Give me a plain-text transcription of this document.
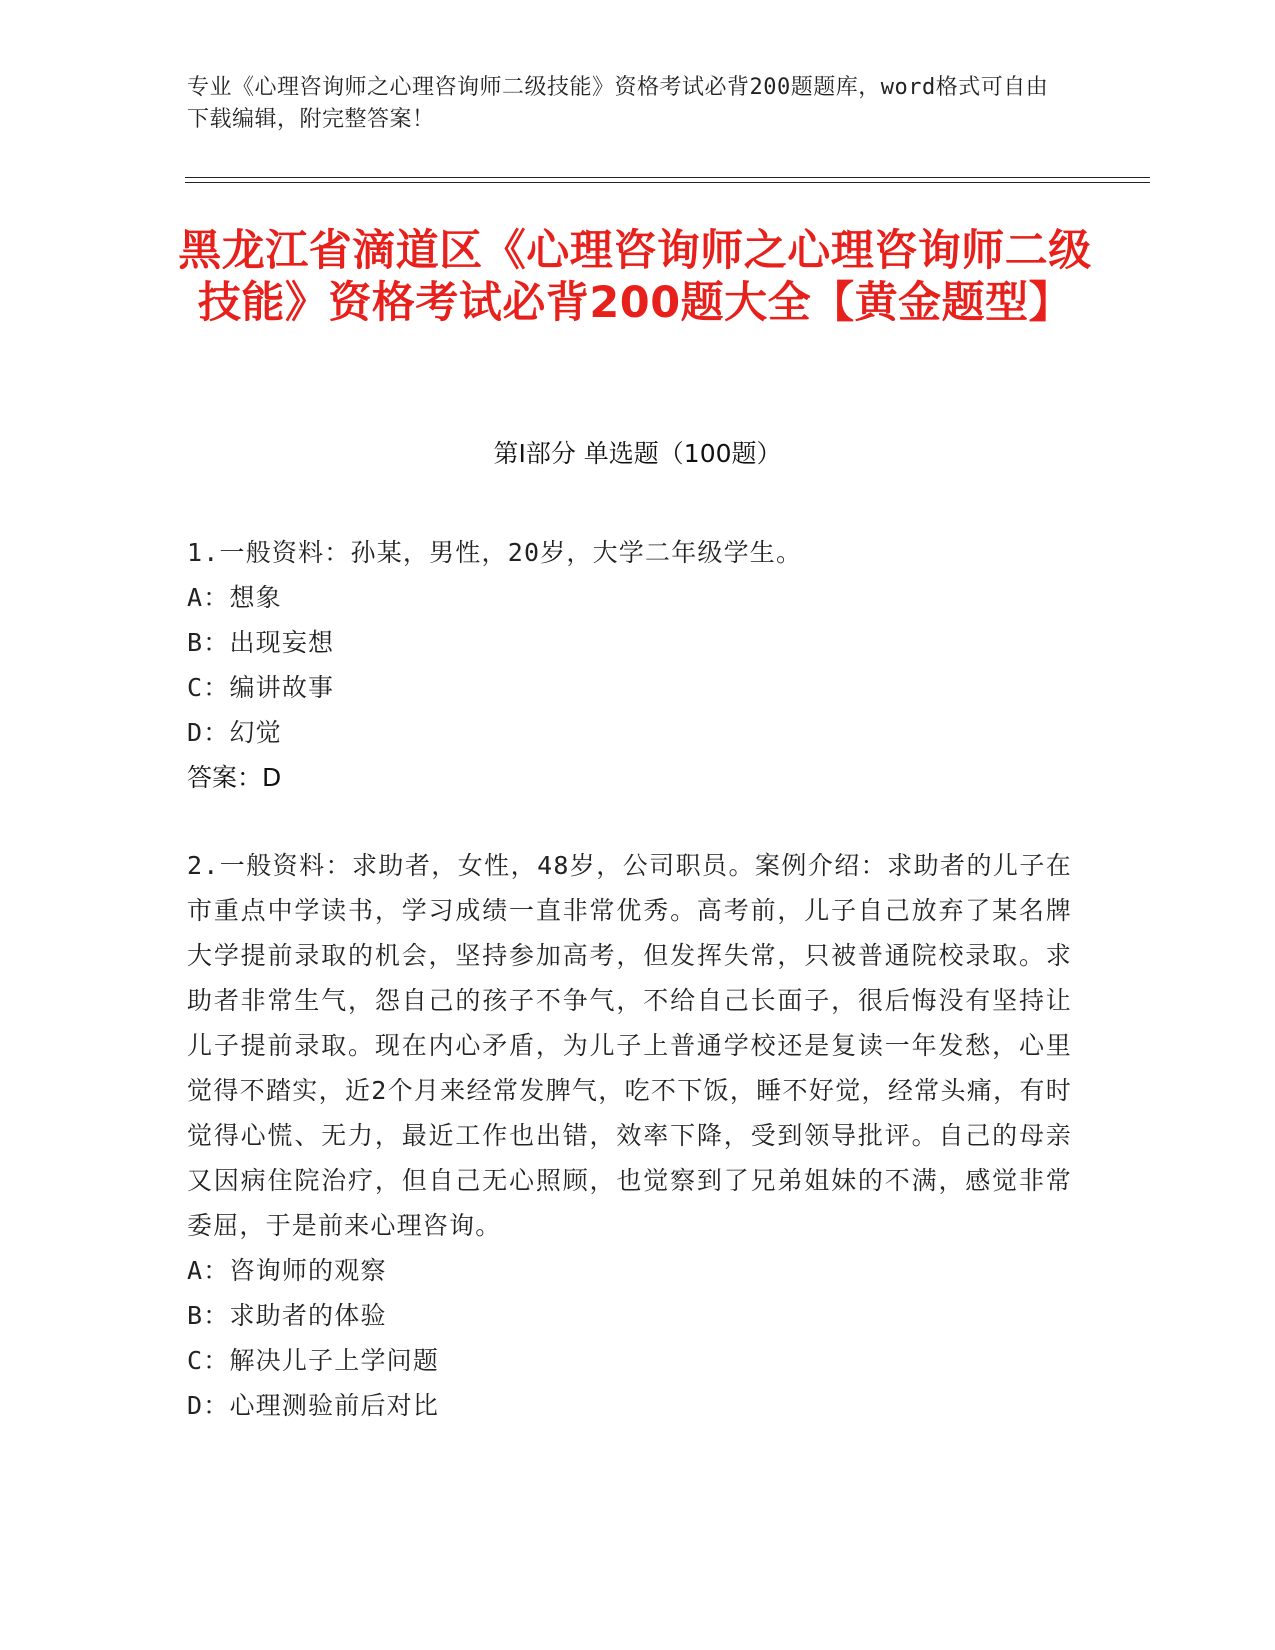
专业《心理咨询师之心理咨询师二级技能》资格考试必背200题题库，word格式可自由下载编辑，附完整答案！
黑龙江省滴道区《心理咨询师之心理咨询师二级技能》资格考试必背200题大全【黄金题型】
第I部分 单选题（100题）
1.一般资料：孙某，男性，20岁，大学二年级学生。
A：想象
B：出现妄想
C：编讲故事
D：幻觉
答案：D
2.一般资料：求助者，女性，48岁，公司职员。案例介绍：求助者的儿子在市重点中学读书，学习成绩一直非常优秀。高考前，儿子自己放弃了某名牌大学提前录取的机会，坚持参加高考，但发挥失常，只被普通院校录取。求助者非常生气，怨自己的孩子不争气，不给自己长面子，很后悔没有坚持让儿子提前录取。现在内心矛盾，为儿子上普通学校还是复读一年发愁，心里觉得不踏实，近2个月来经常发脾气，吃不下饭，睡不好觉，经常头痛，有时觉得心慌、无力，最近工作也出错，效率下降，受到领导批评。自己的母亲又因病住院治疗，但自己无心照顾，也觉察到了兄弟姐妹的不满，感觉非常委屈，于是前来心理咨询。
A：咨询师的观察
B：求助者的体验
C：解决儿子上学问题
D：心理测验前后对比
